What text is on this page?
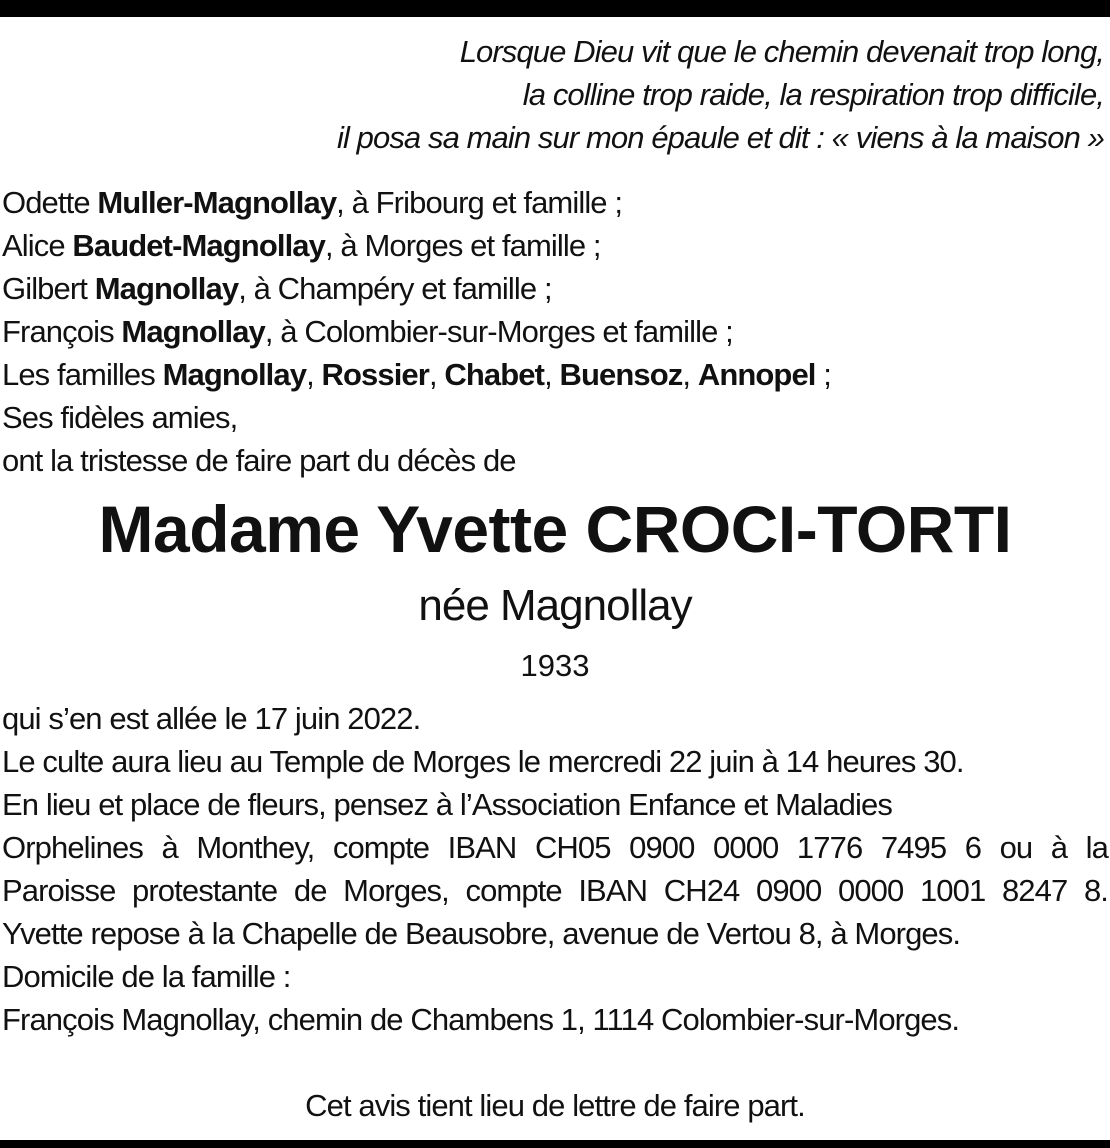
Lorsque Dieu vit que le chemin devenait trop long,
la colline trop raide, la respiration trop difficile,
il posa sa main sur mon épaule et dit : « viens à la maison »
Odette Muller-Magnollay, à Fribourg et famille ;
Alice Baudet-Magnollay, à Morges et famille ;
Gilbert Magnollay, à Champéry et famille ;
François Magnollay, à Colombier-sur-Morges et famille ;
Les familles Magnollay, Rossier, Chabet, Buensoz, Annopel ;
Ses fidèles amies,
ont la tristesse de faire part du décès de
Madame Yvette CROCI-TORTI
née Magnollay
1933
qui s’en est allée le 17 juin 2022.
Le culte aura lieu au Temple de Morges le mercredi 22 juin à 14 heures 30.
En lieu et place de fleurs, pensez à l’Association Enfance et Maladies
Orphelines à Monthey, compte IBAN CH05 0900 0000 1776 7495 6 ou à la
Paroisse protestante de Morges, compte IBAN CH24 0900 0000 1001 8247 8.
Yvette repose à la Chapelle de Beausobre, avenue de Vertou 8, à Morges.
Domicile de la famille :
François Magnollay, chemin de Chambens 1, 1114 Colombier-sur-Morges.
Cet avis tient lieu de lettre de faire part.
